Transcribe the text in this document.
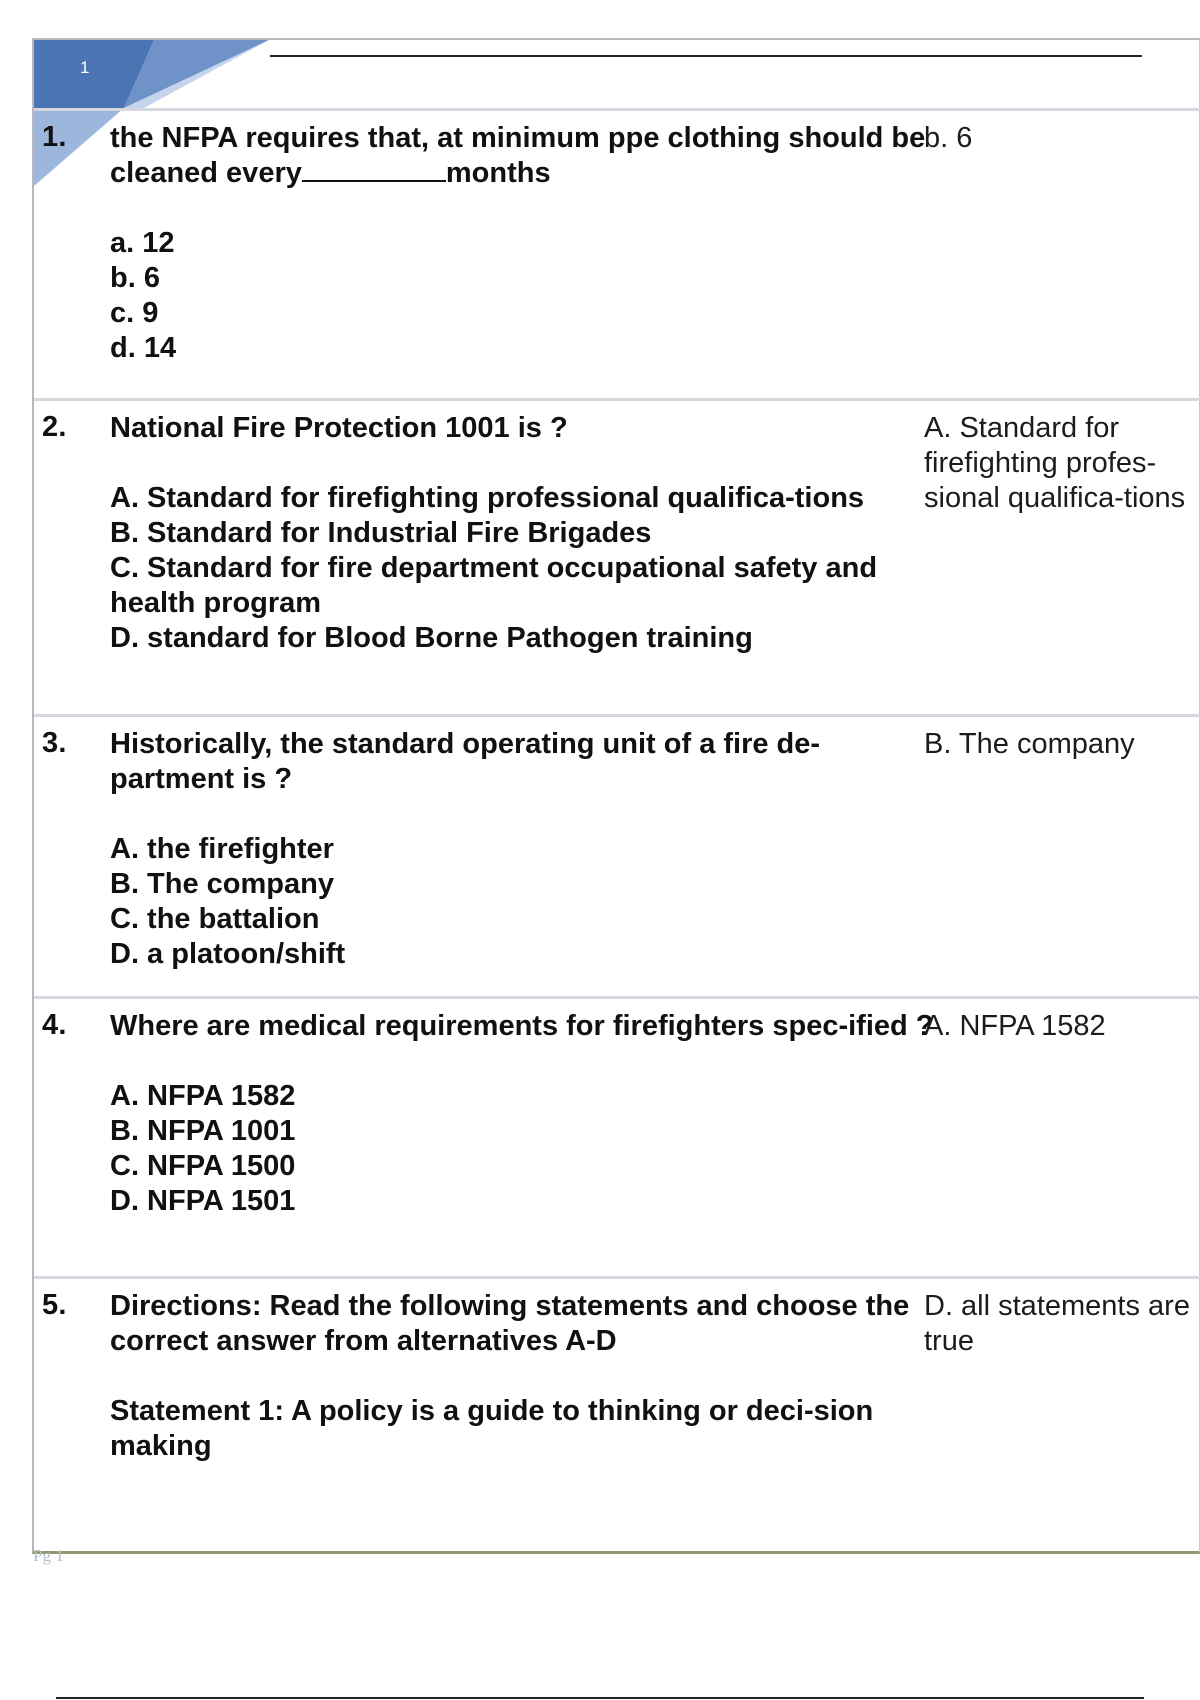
1
1. the NFPA requires that, at minimum ppe clothing should be cleaned every	months
a. 12
b. 6
c. 9
d. 14
b. 6
2. National Fire Protection 1001 is ?
A. Standard for firefighting professional qualifica-tions
B. Standard for Industrial Fire Brigades
C. Standard for fire department occupational safety and health program
D. standard for Blood Borne Pathogen training
A. Standard for firefighting profes-sional qualifica-tions
3. Historically, the standard operating unit of a fire de-partment is ?
A. the firefighter
B. The company
C. the battalion
D. a platoon/shift
B. The company
4. Where are medical requirements for firefighters spec-ified ?
A. NFPA 1582
B. NFPA 1001
C. NFPA 1500
D. NFPA 1501
A. NFPA 1582
5. Directions: Read the following statements and choose the correct answer from alternatives A-D
Statement 1: A policy is a guide to thinking or deci-sion making
D. all statements are true
Pg 1
